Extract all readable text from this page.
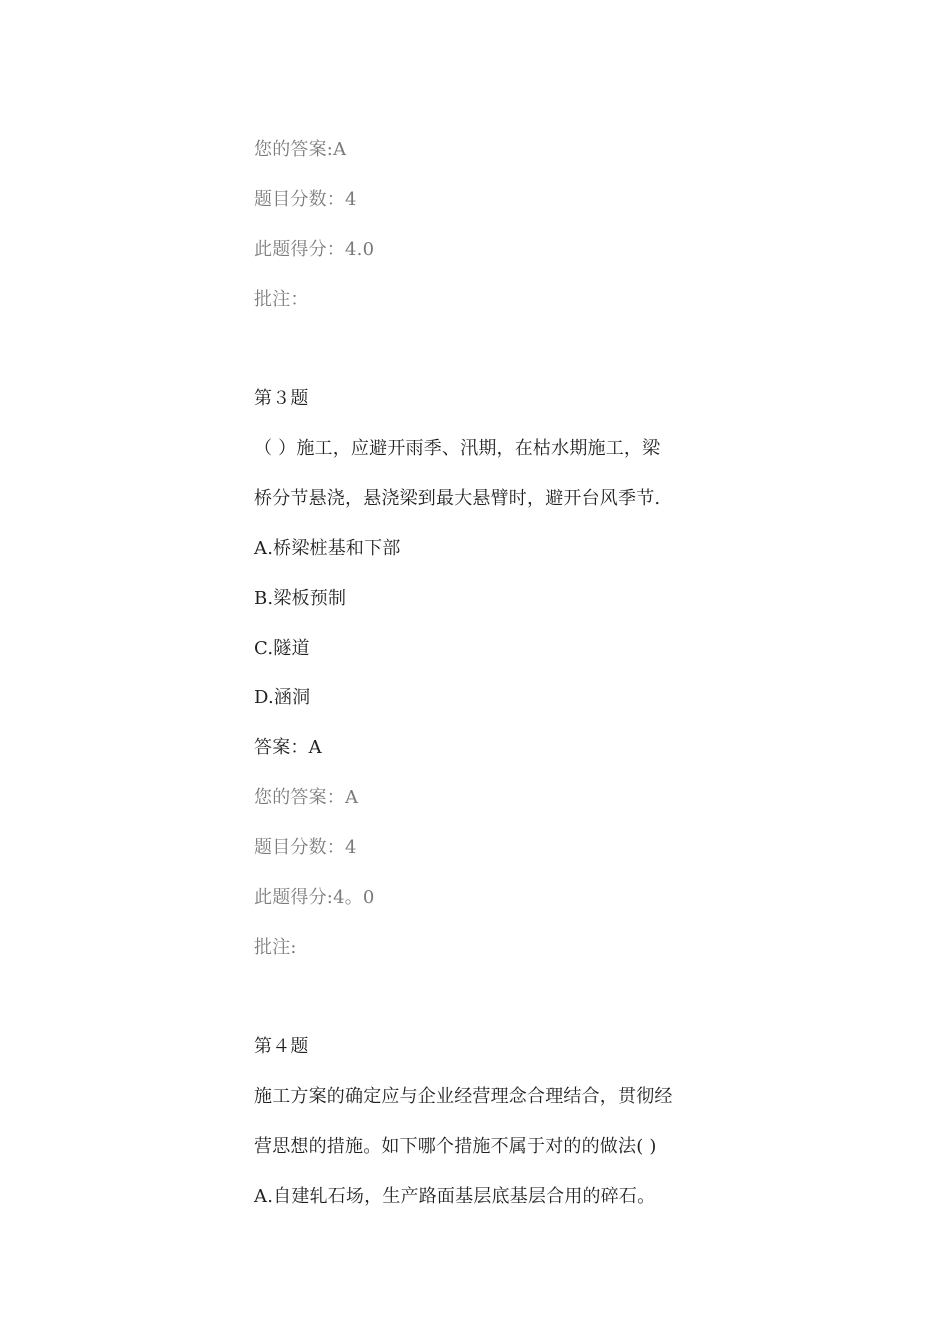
您的答案:A
题目分数：4
此题得分：4.0
批注：
第３题
（ ）施工，应避开雨季、汛期，在枯水期施工，梁
桥分节悬浇，悬浇梁到最大悬臂时，避开台风季节.
A.桥梁桩基和下部
B.梁板预制
C.隧道
D.涵洞
答案：A
您的答案：A
题目分数：4
此题得分:4。0
批注:
第４题
施工方案的确定应与企业经营理念合理结合，贯彻经
营思想的措施。如下哪个措施不属于对的的做法( )
A.自建轧石场，生产路面基层底基层合用的碎石。
